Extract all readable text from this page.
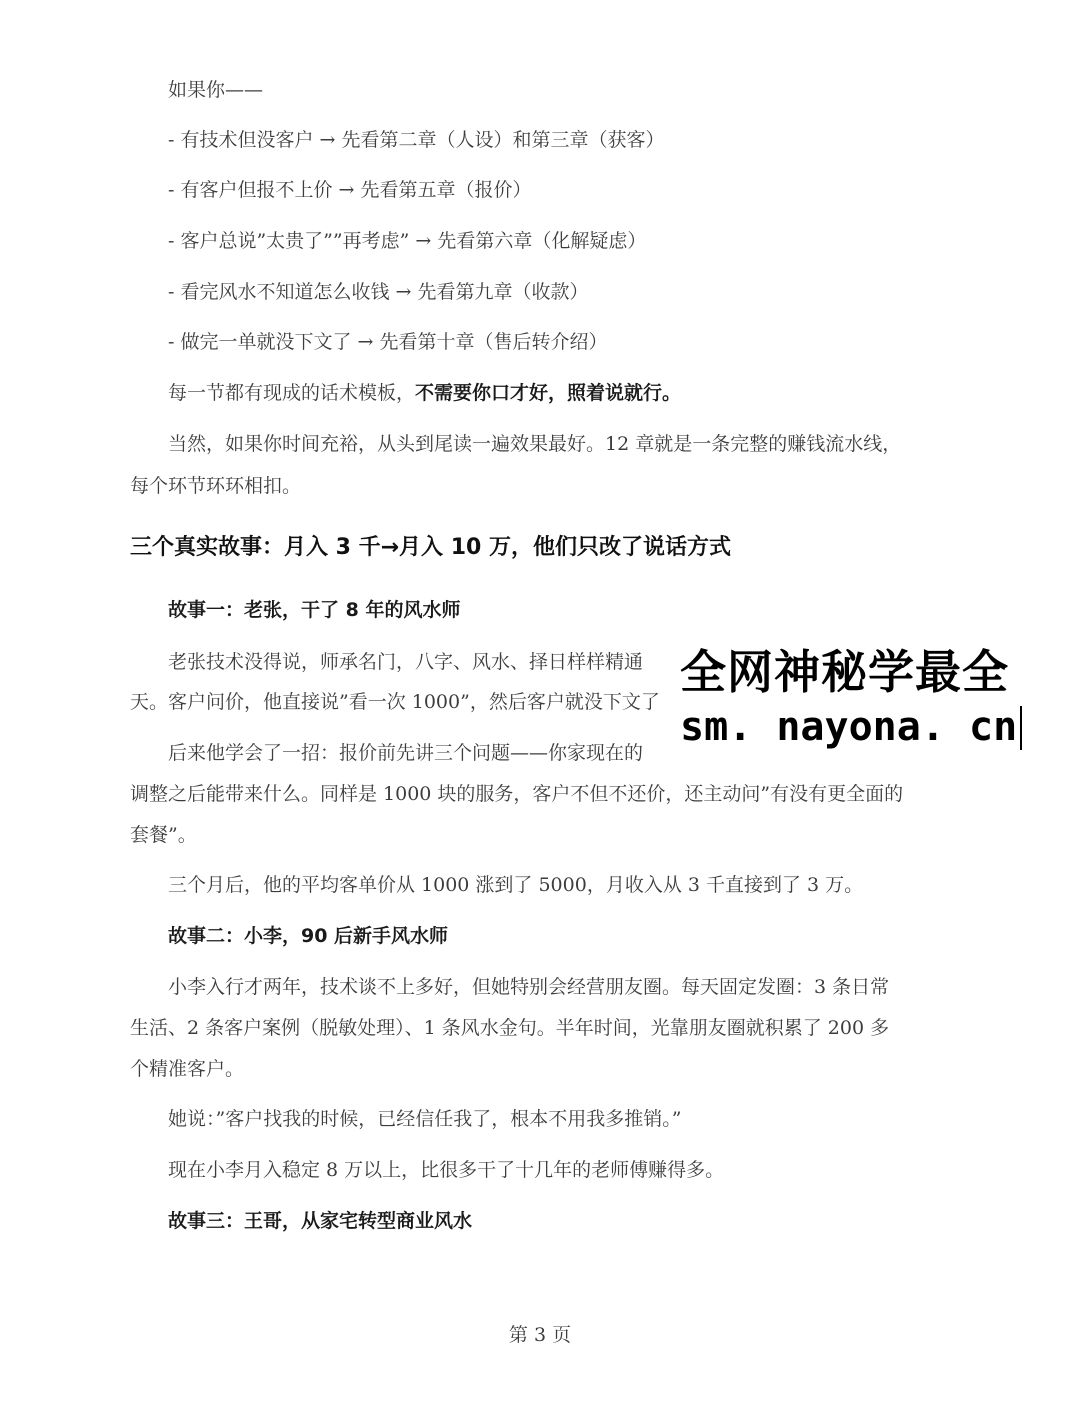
如果你——
- 有技术但没客户 → 先看第二章（人设）和第三章（获客）
- 有客户但报不上价 → 先看第五章（报价）
- 客户总说”太贵了””再考虑” → 先看第六章（化解疑虑）
- 看完风水不知道怎么收钱 → 先看第九章（收款）
- 做完一单就没下文了 → 先看第十章（售后转介绍）
每一节都有现成的话术模板，不需要你口才好，照着说就行。
当然，如果你时间充裕，从头到尾读一遍效果最好。12 章就是一条完整的赚钱流水线，
每个环节环环相扣。
三个真实故事：月入 3 千→月入 10 万，他们只改了说话方式
故事一：老张，干了 8 年的风水师
老张技术没得说，师承名门，八字、风水、择日样样精通
天。客户问价，他直接说”看一次 1000”，然后客户就没下文了
后来他学会了一招：报价前先讲三个问题——你家现在的
调整之后能带来什么。同样是 1000 块的服务，客户不但不还价，还主动问”有没有更全面的
套餐”。
三个月后，他的平均客单价从 1000 涨到了 5000，月收入从 3 千直接到了 3 万。
故事二：小李，90 后新手风水师
小李入行才两年，技术谈不上多好，但她特别会经营朋友圈。每天固定发圈：3 条日常
生活、2 条客户案例（脱敏处理）、1 条风水金句。半年时间，光靠朋友圈就积累了 200 多
个精准客户。
她说：”客户找我的时候，已经信任我了，根本不用我多推销。”
现在小李月入稳定 8 万以上，比很多干了十几年的老师傅赚得多。
故事三：王哥，从家宅转型商业风水
全网神秘学最全
sm. nayona. cn
第 3 页
